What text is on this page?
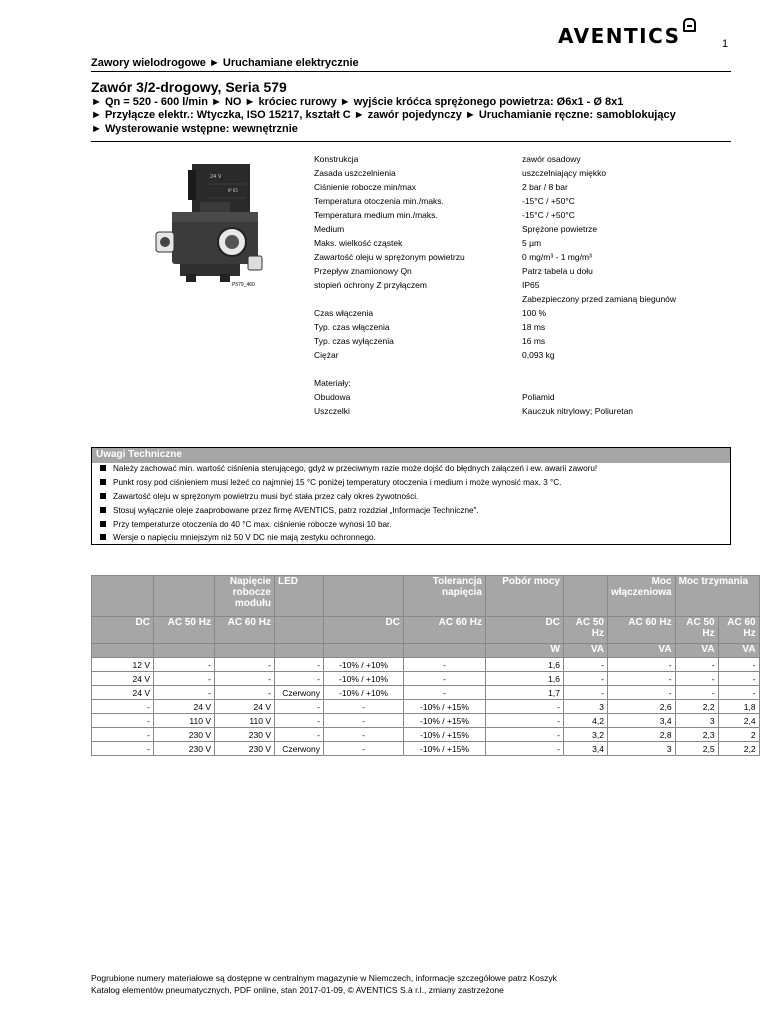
AVENTICS	1
Zawory wielodrogowe ► Uruchamiane elektrycznie
Zawór 3/2-drogowy, Seria 579
► Qn = 520 - 600 l/min ► NO ► króciec rurowy ► wyjście króćca sprężonego powietrza: Ø6x1 - Ø 8x1
► Przyłącze elektr.: Wtyczka, ISO 15217, kształt C ► zawór pojedynczy ► Uruchamianie ręczne: samoblokujący
► Wysterowanie wstępne: wewnętrznie
24 V
IP 65
P579_460
Konstrukcja	zawór osadowy
Zasada uszczelnienia	uszczelniający miękko
Ciśnienie robocze min/max	2 bar / 8 bar
Temperatura otoczenia min./maks.	-15°C / +50°C
Temperatura medium min./maks.	-15°C / +50°C
Medium	Sprężone powietrze
Maks. wielkość cząstek	5 µm
Zawartość oleju w sprężonym powietrzu	0 mg/m³ - 1 mg/m³
Przepływ znamionowy Qn	Patrz tabela u dołu
stopień ochrony Z przyłączem	IP65
Zabezpieczony przed zamianą biegunów
Czas włączenia	100 %
Typ. czas włączenia	18 ms
Typ. czas wyłączenia	16 ms
Ciężar	0,093 kg
Materiały:
Obudowa	Poliamid
Uszczelki	Kauczuk nitrylowy; Poliuretan
Uwagi Techniczne
Należy zachować min. wartość ciśnienia sterującego, gdyż w przeciwnym razie może dojść do błędnych załączeń i ew. awarii zaworu!
Punkt rosy pod ciśnieniem musi leżeć co najmniej 15 °C poniżej temperatury otoczenia i medium i może wynosić max. 3 °C.
Zawartość oleju w sprężonym powietrzu musi być stała przez cały okres żywotności.
Stosuj wyłącznie oleje zaaprobowane przez firmę AVENTICS, patrz rozdział „Informacje Techniczne".
Przy temperaturze otoczenia do 40 °C max. ciśnienie robocze wynosi 10 bar.
Wersje o napięciu mniejszym niż 50 V DC nie mają zestyku ochronnego.
		Napięcie robocze modułu	LED		Tolerancja napięcia	Pobór mocy		Moc włączeniowa	Moc trzymania	
DC	AC 50 Hz	AC 60 Hz		DC	AC 60 Hz	DC	AC 50 Hz	AC 60 Hz	AC 50 Hz	AC 60 Hz
						W	VA	VA	VA	VA
12 V	-	-	-	-10% / +10%	-	1,6	-	-	-	-
24 V	-	-	-	-10% / +10%	-	1,6	-	-	-	-
24 V	-	-	Czerwony	-10% / +10%	-	1,7	-	-	-	-
-	24 V	24 V	-	-	-10% / +15%	-	3	2,6	2,2	1,8
-	110 V	110 V	-	-	-10% / +15%	-	4,2	3,4	3	2,4
-	230 V	230 V	-	-	-10% / +15%	-	3,2	2,8	2,3	2
-	230 V	230 V	Czerwony	-	-10% / +15%	-	3,4	3	2,5	2,2
Pogrubione numery materiałowe są dostępne w centralnym magazynie w Niemczech, informacje szczegółowe patrz Koszyk
Katalog elementów pneumatycznych, PDF online, stan 2017-01-09, © AVENTICS S.à r.l., zmiany zastrzeżone
